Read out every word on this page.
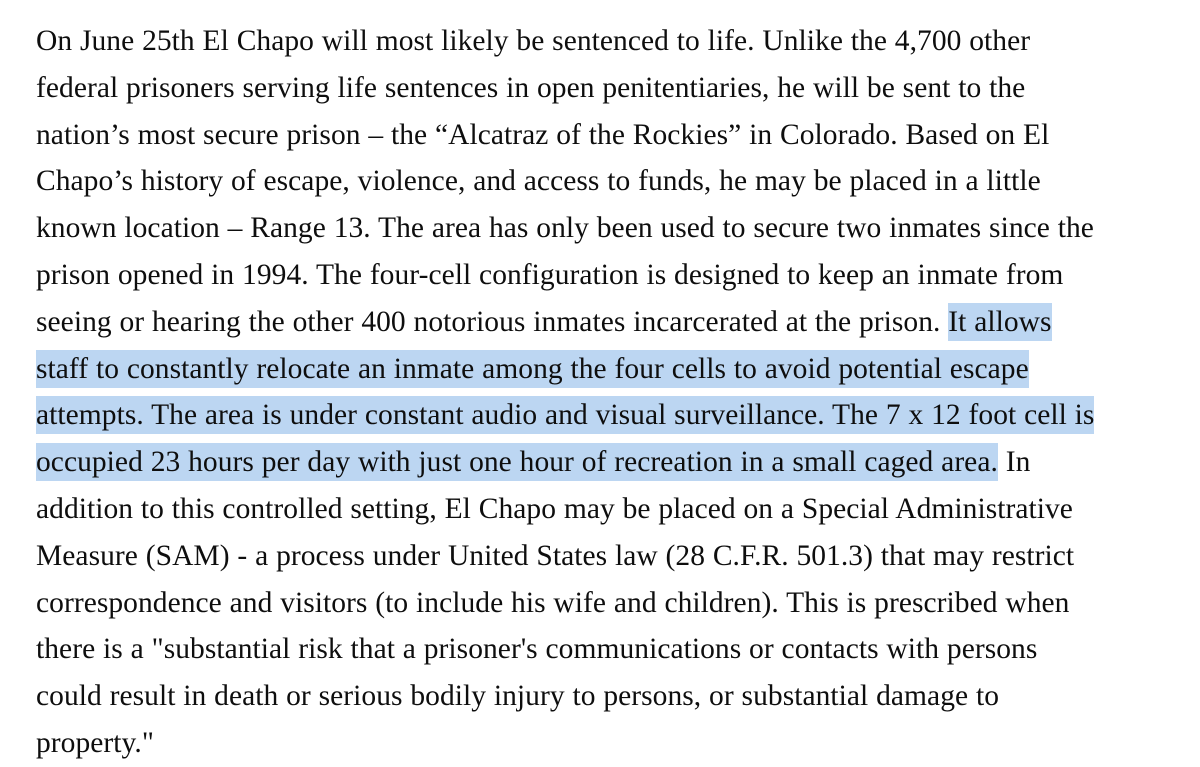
On June 25th El Chapo will most likely be sentenced to life. Unlike the 4,700 other federal prisoners serving life sentences in open penitentiaries, he will be sent to the nation’s most secure prison – the “Alcatraz of the Rockies” in Colorado. Based on El Chapo’s history of escape, violence, and access to funds, he may be placed in a little known location – Range 13. The area has only been used to secure two inmates since the prison opened in 1994. The four-cell configuration is designed to keep an inmate from seeing or hearing the other 400 notorious inmates incarcerated at the prison. It allows staff to constantly relocate an inmate among the four cells to avoid potential escape attempts. The area is under constant audio and visual surveillance. The 7 x 12 foot cell is occupied 23 hours per day with just one hour of recreation in a small caged area. In addition to this controlled setting, El Chapo may be placed on a Special Administrative Measure (SAM) - a process under United States law (28 C.F.R. 501.3) that may restrict correspondence and visitors (to include his wife and children). This is prescribed when there is a "substantial risk that a prisoner's communications or contacts with persons could result in death or serious bodily injury to persons, or substantial damage to property."
